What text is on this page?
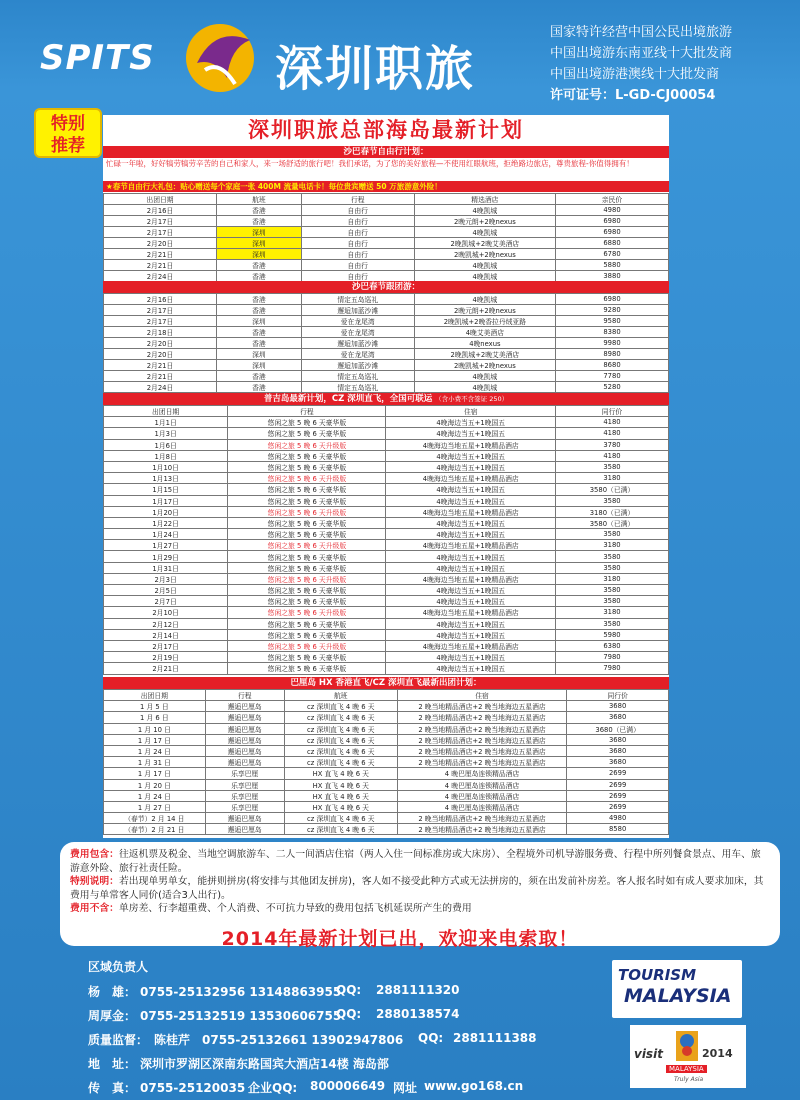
SPITS	深圳职旅
国家特许经营中国公民出境旅游
中国出境游东南亚线十大批发商
中国出境游港澳线十大批发商
许可证号：L-GD-CJ00054
特别
推荐
深圳职旅总部海岛最新计划
沙巴春节自由行计划：
忙碌一年啦，好好犒劳犒劳辛苦的自己和家人，来一场舒适的旅行吧！我们承诺，为了您的美好旅程—不使用红眼航班，拒绝路边旅店，尊贵旅程-你值得拥有！
★春节自由行大礼包：贴心赠送每个家庭一张 400M 流量电话卡！每位贵宾赠送 50 万旅游意外险！
出团日期	航班	行程	精选酒店	亲民价
2月16日	香港	自由行	4晚凯城	4980
2月17日	香港	自由行	2晚元朗+2晚nexus	6980
2月17日	深圳	自由行	4晚凯城	6980
2月20日	深圳	自由行	2晚凯城+2晚艾美酒店	6880
2月21日	深圳	自由行	2晚凯城+2晚nexus	6780
2月21日	香港	自由行	4晚凯城	5880
2月24日	香港	自由行	4晚凯城	3880
沙巴春节跟团游：
2月16日	香港	情定五岛巡礼	4晚凯城	6980
2月17日	香港	邂逅加蓝沙滩	2晚元朗+2晚nexus	9280
2月17日	深圳	爱在龙尾湾	2晚凯城+2晚香拉丹绒亚路	9580
2月18日	香港	爱在龙尾湾	4晚艾美酒店	8380
2月20日	香港	邂逅加蓝沙滩	4晚nexus	9980
2月20日	深圳	爱在龙尾湾	2晚凯城+2晚艾美酒店	8980
2月21日	深圳	邂逅加蓝沙滩	2晚凯城+2晚nexus	8680
2月21日	香港	情定五岛巡礼	4晚凯城	7780
2月24日	香港	情定五岛巡礼	4晚凯城	5280
普吉岛最新计划，CZ 深圳直飞，全国可联运 （含小费不含签证 250）
出团日期	行程	住宿	同行价
1月1日	悠闲之旅 5 晚 6 天豪华版	4晚海边当五+1晚国五	4180
1月3日	悠闲之旅 5 晚 6 天豪华版	4晚海边当五+1晚国五	4180
1月6日	悠闲之旅 5 晚 6 天升级版	4晚海边当地五星+1晚精品酒店	3780
1月8日	悠闲之旅 5 晚 6 天豪华版	4晚海边当五+1晚国五	4180
1月10日	悠闲之旅 5 晚 6 天豪华版	4晚海边当五+1晚国五	3580
1月13日	悠闲之旅 5 晚 6 天升级版	4晚海边当地五星+1晚精品酒店	3180
1月15日	悠闲之旅 5 晚 6 天豪华版	4晚海边当五+1晚国五	3580（已满）
1月17日	悠闲之旅 5 晚 6 天豪华版	4晚海边当五+1晚国五	3580
1月20日	悠闲之旅 5 晚 6 天升级版	4晚海边当地五星+1晚精品酒店	3180（已满）
1月22日	悠闲之旅 5 晚 6 天豪华版	4晚海边当五+1晚国五	3580（已满）
1月24日	悠闲之旅 5 晚 6 天豪华版	4晚海边当五+1晚国五	3580
1月27日	悠闲之旅 5 晚 6 天升级版	4晚海边当地五星+1晚精品酒店	3180
1月29日	悠闲之旅 5 晚 6 天豪华版	4晚海边当五+1晚国五	3580
1月31日	悠闲之旅 5 晚 6 天豪华版	4晚海边当五+1晚国五	3580
2月3日	悠闲之旅 5 晚 6 天升级版	4晚海边当地五星+1晚精品酒店	3180
2月5日	悠闲之旅 5 晚 6 天豪华版	4晚海边当五+1晚国五	3580
2月7日	悠闲之旅 5 晚 6 天豪华版	4晚海边当五+1晚国五	3580
2月10日	悠闲之旅 5 晚 6 天升级版	4晚海边当地五星+1晚精品酒店	3180
2月12日	悠闲之旅 5 晚 6 天豪华版	4晚海边当五+1晚国五	3580
2月14日	悠闲之旅 5 晚 6 天豪华版	4晚海边当五+1晚国五	5980
2月17日	悠闲之旅 5 晚 6 天升级版	4晚海边当地五星+1晚精品酒店	6380
2月19日	悠闲之旅 5 晚 6 天豪华版	4晚海边当五+1晚国五	7980
2月21日	悠闲之旅 5 晚 6 天豪华版	4晚海边当五+1晚国五	7980
巴厘岛 HX 香港直飞/CZ 深圳直飞最新出团计划：
出团日期	行程	航班	住宿	同行价
1 月 5 日	邂逅巴厘岛	cz 深圳直飞 4 晚 6 天	2 晚当地精品酒店+2 晚当地海边五星酒店	3680
1 月 6 日	邂逅巴厘岛	cz 深圳直飞 4 晚 6 天	2 晚当地精品酒店+2 晚当地海边五星酒店	3680
1 月 10 日	邂逅巴厘岛	cz 深圳直飞 4 晚 6 天	2 晚当地精品酒店+2 晚当地海边五星酒店	3680（已满）
1 月 17 日	邂逅巴厘岛	cz 深圳直飞 4 晚 6 天	2 晚当地精品酒店+2 晚当地海边五星酒店	3680
1 月 24 日	邂逅巴厘岛	cz 深圳直飞 4 晚 6 天	2 晚当地精品酒店+2 晚当地海边五星酒店	3680
1 月 31 日	邂逅巴厘岛	cz 深圳直飞 4 晚 6 天	2 晚当地精品酒店+2 晚当地海边五星酒店	3680
1 月 17 日	乐享巴厘	HX 直飞 4 晚 6 天	4 晚巴厘岛连锁精品酒店	2699
1 月 20 日	乐享巴厘	HX 直飞 4 晚 6 天	4 晚巴厘岛连锁精品酒店	2699
1 月 24 日	乐享巴厘	HX 直飞 4 晚 6 天	4 晚巴厘岛连锁精品酒店	2699
1 月 27 日	乐享巴厘	HX 直飞 4 晚 6 天	4 晚巴厘岛连锁精品酒店	2699
（春节）2 月 14 日	邂逅巴厘岛	cz 深圳直飞 4 晚 6 天	2 晚当地精品酒店+2 晚当地海边五星酒店	4980
（春节）2 月 21 日	邂逅巴厘岛	cz 深圳直飞 4 晚 6 天	2 晚当地精品酒店+2 晚当地海边五星酒店	8580
费用包含：往返机票及税金、当地空调旅游车、二人一间酒店住宿（两人入住一间标准房或大床房）、全程境外司机导游服务费、行程中所列餐食景点、用车、旅游意外险、旅行社责任险。
特别说明：若出现单男单女，能拼则拼房(将安排与其他团友拼房)，客人如不接受此种方式或无法拼房的，须在出发前补房差。客人报名时如有成人要求加床，其费用与单常客人同价(适合3人出行)。
费用不含：单房差、行李超重费、个人消费、不可抗力导致的费用包括飞机延误所产生的费用
2014年最新计划已出，欢迎来电索取！
区域负责人
杨　雄： 0755-25132956 13148863955
QQ: 2881111320
周厚金： 0755-25132519 13530606755
QQ: 2880138574
质量监督： 陈桂芹　0755-25132661 13902947806 QQ: 2881111388
地　址： 深圳市罗湖区深南东路国宾大酒店14楼 海岛部
传　真： 0755-25120035 企业QQ: 800006649 网址 www.go168.cn
TOURISM
MALAYSIA
visit	2014
MALAYSIA
Truly Asia
